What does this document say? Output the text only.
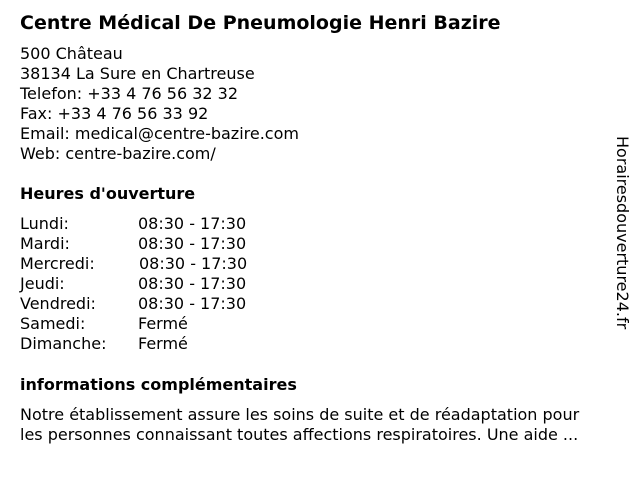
Centre Médical De Pneumologie Henri Bazire
500 Château
38134 La Sure en Chartreuse
Telefon: +33 4 76 56 32 32
Fax: +33 4 76 56 33 92
Email: medical@centre-bazire.com
Web: centre-bazire.com/
Heures d'ouverture
Lundi:	08:30 - 17:30
Mardi:	08:30 - 17:30
Mercredi:	08:30 - 17:30
Jeudi:	08:30 - 17:30
Vendredi:	08:30 - 17:30
Samedi:	Fermé
Dimanche: Fermé
informations complémentaires
Notre établissement assure les soins de suite et de réadaptation pour
les personnes connaissant toutes affections respiratoires. Une aide ...
Horairesdouverture24.fr
